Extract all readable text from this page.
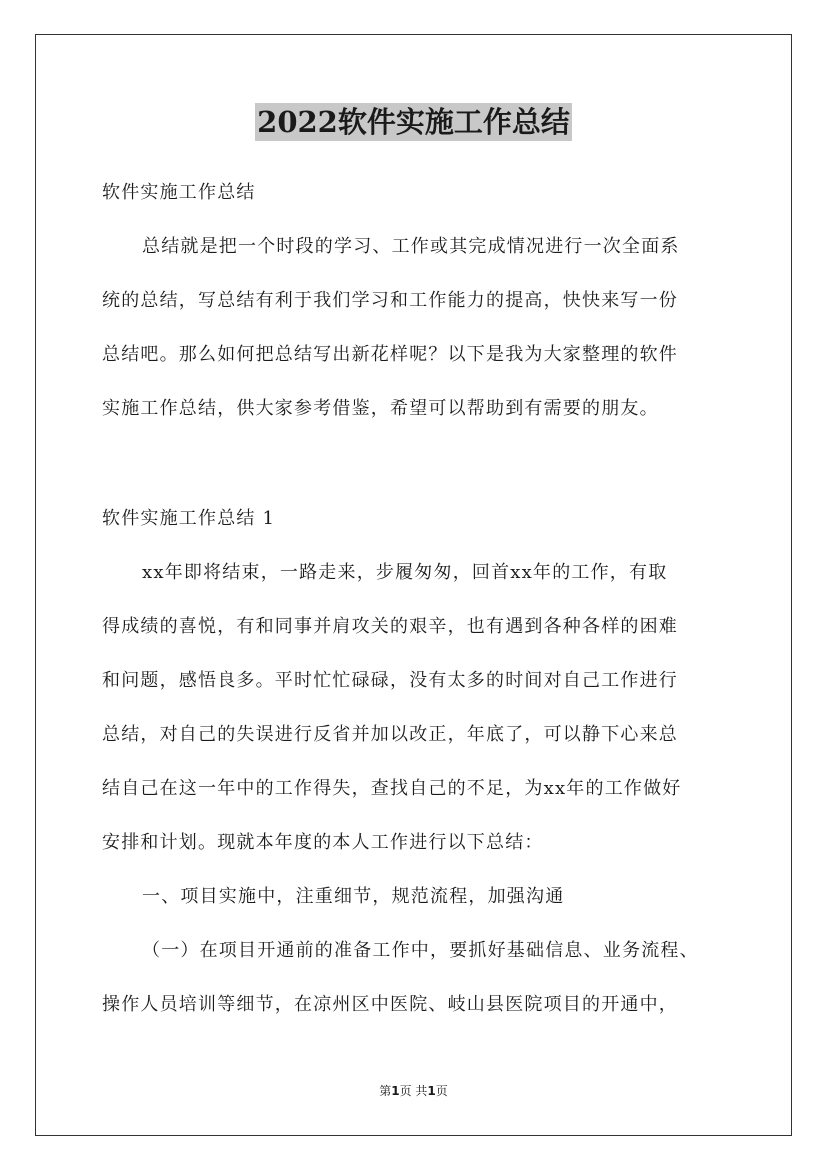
2022软件实施工作总结
软件实施工作总结
总结就是把一个时段的学习、工作或其完成情况进行一次全面系
统的总结，写总结有利于我们学习和工作能力的提高，快快来写一份
总结吧。那么如何把总结写出新花样呢？以下是我为大家整理的软件
实施工作总结，供大家参考借鉴，希望可以帮助到有需要的朋友。
软件实施工作总结 1
xx年即将结束，一路走来，步履匆匆，回首xx年的工作，有取
得成绩的喜悦，有和同事并肩攻关的艰辛，也有遇到各种各样的困难
和问题，感悟良多。平时忙忙碌碌，没有太多的时间对自己工作进行
总结，对自己的失误进行反省并加以改正，年底了，可以静下心来总
结自己在这一年中的工作得失，查找自己的不足，为xx年的工作做好
安排和计划。现就本年度的本人工作进行以下总结：
一、项目实施中，注重细节，规范流程，加强沟通
（一）在项目开通前的准备工作中，要抓好基础信息、业务流程、
操作人员培训等细节，在凉州区中医院、岐山县医院项目的开通中，
第1页 共1页
